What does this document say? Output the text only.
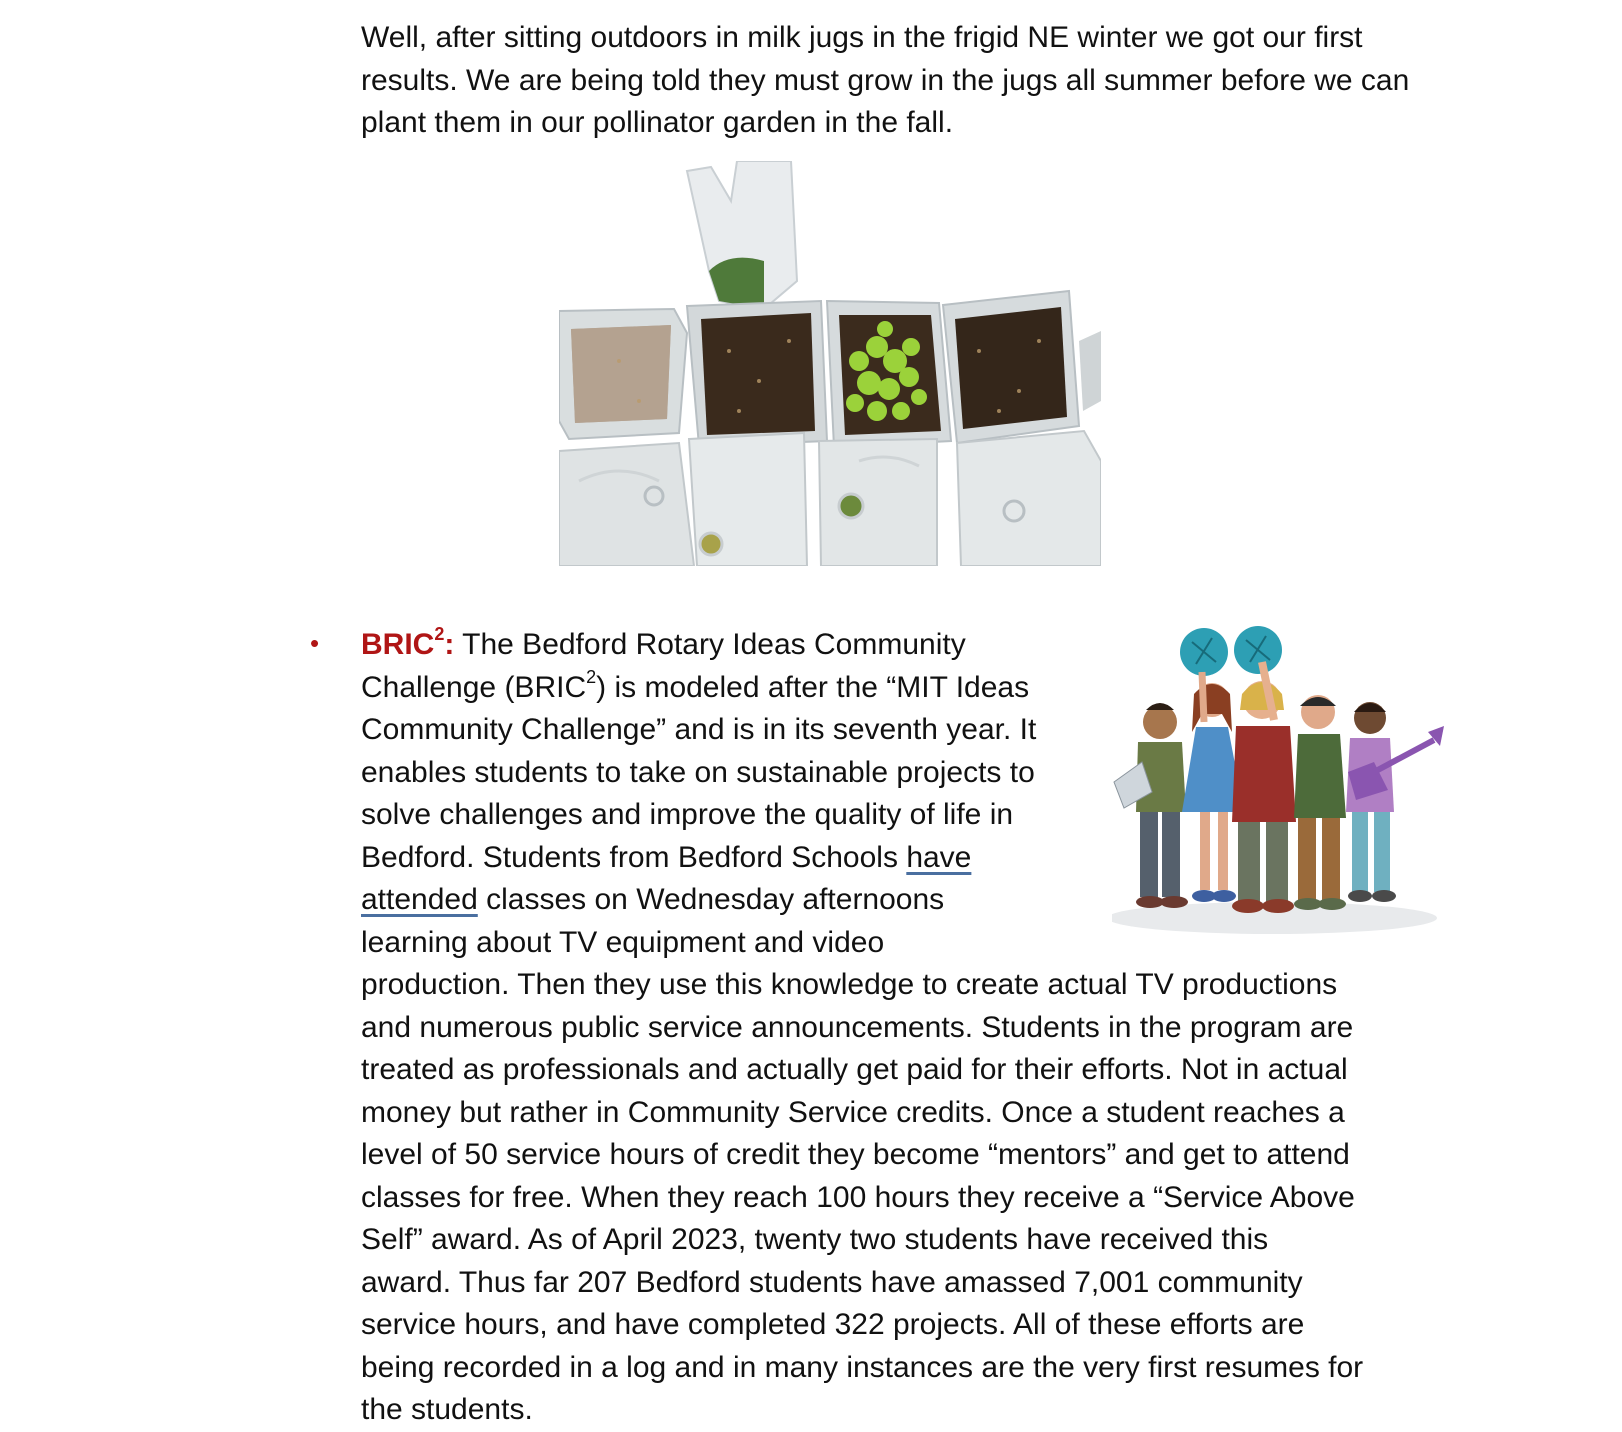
Well, after sitting outdoors in milk jugs in the frigid NE winter we got our first
results. We are being told they must grow in the jugs all summer before we can
plant them in our pollinator garden in the fall.

•	BRIC$^2$: The Bedford Rotary Ideas Community
Challenge (BRIC$^2$) is modeled after the “MIT Ideas
Community Challenge” and is in its seventh year. It
enables students to take on sustainable projects to
solve challenges and improve the quality of life in
Bedford. Students from Bedford Schools have
attended classes on Wednesday afternoons
learning about TV equipment and video
production. Then they use this knowledge to create actual TV productions
and numerous public service announcements. Students in the program are
treated as professionals and actually get paid for their efforts. Not in actual
money but rather in Community Service credits. Once a student reaches a
level of 50 service hours of credit they become “mentors” and get to attend
classes for free. When they reach 100 hours they receive a “Service Above
Self” award. As of April 2023, twenty two students have received this
award. Thus far 207 Bedford students have amassed 7,001 community
service hours, and have completed 322 projects. All of these efforts are
being recorded in a log and in many instances are the very first resumes for
the students.
